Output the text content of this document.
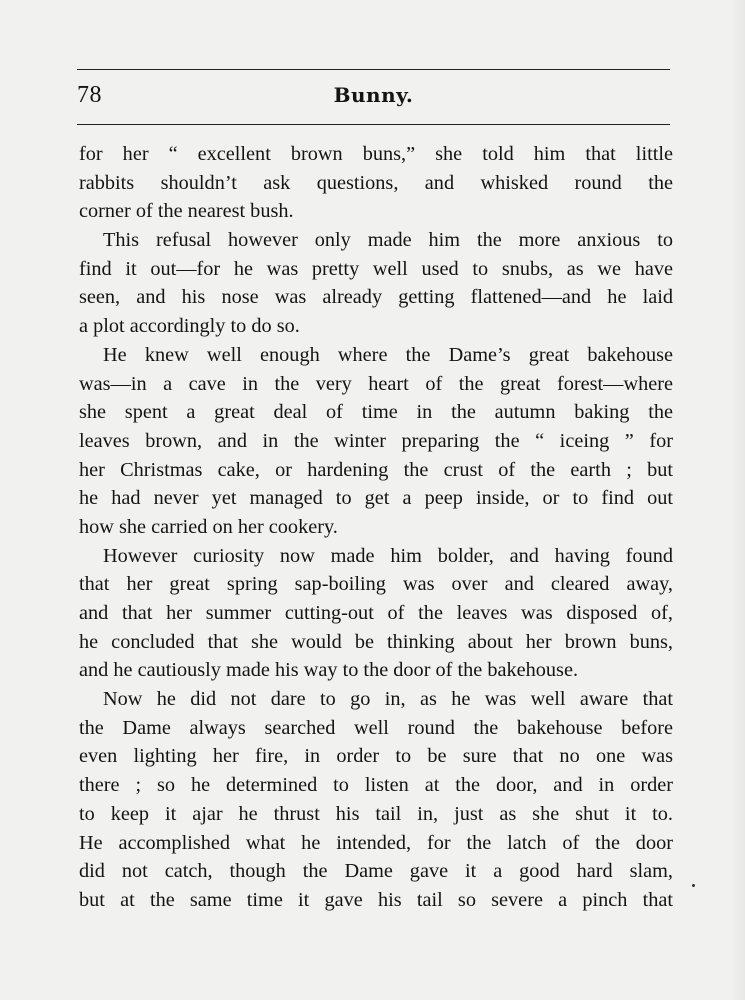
78	Bunny.
for her “ excellent brown buns,” she told him that little
rabbits shouldn’t ask questions, and whisked round the
corner of the nearest bush.
This refusal however only made him the more anxious to
find it out—for he was pretty well used to snubs, as we have
seen, and his nose was already getting flattened—and he laid
a plot accordingly to do so.
He knew well enough where the Dame’s great bakehouse
was—in a cave in the very heart of the great forest—where
she spent a great deal of time in the autumn baking the
leaves brown, and in the winter preparing the “ iceing ” for
her Christmas cake, or hardening the crust of the earth ; but
he had never yet managed to get a peep inside, or to find out
how she carried on her cookery.
However curiosity now made him bolder, and having found
that her great spring sap-boiling was over and cleared away,
and that her summer cutting-out of the leaves was disposed of,
he concluded that she would be thinking about her brown buns,
and he cautiously made his way to the door of the bakehouse.
Now he did not dare to go in, as he was well aware that
the Dame always searched well round the bakehouse before
even lighting her fire, in order to be sure that no one was
there ; so he determined to listen at the door, and in order
to keep it ajar he thrust his tail in, just as she shut it to.
He accomplished what he intended, for the latch of the door
did not catch, though the Dame gave it a good hard slam,
but at the same time it gave his tail so severe a pinch that
